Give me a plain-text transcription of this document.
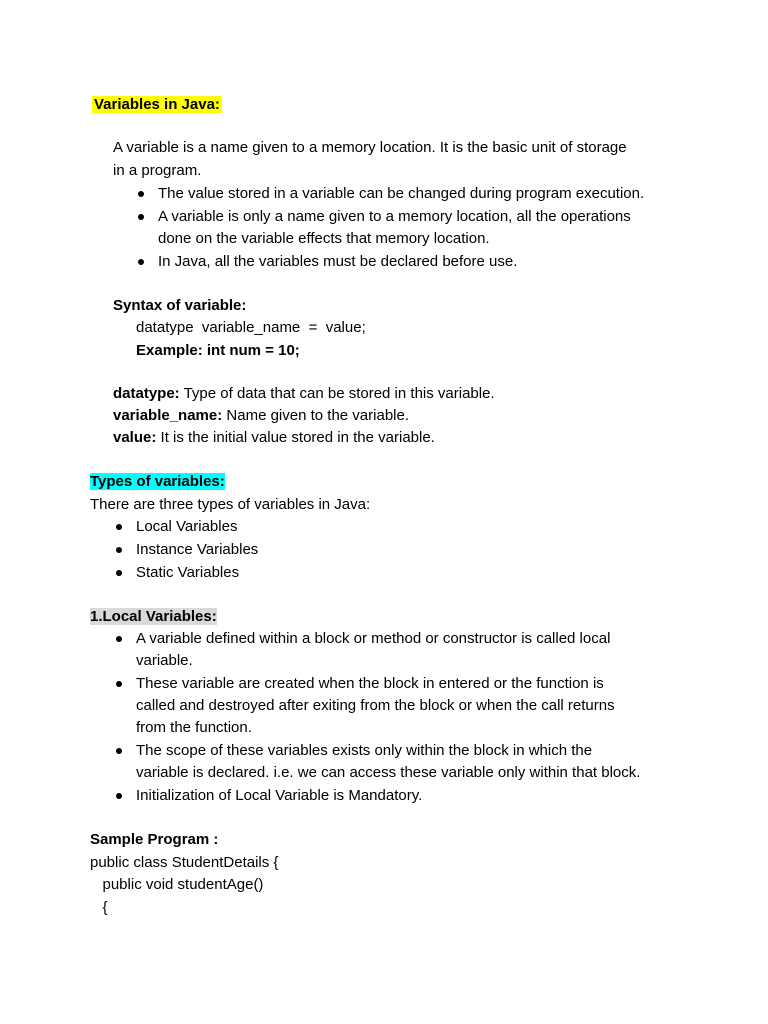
Variables in Java:
A variable is a name given to a memory location. It is the basic unit of storage
in a program.
The value stored in a variable can be changed during program execution.
A variable is only a name given to a memory location, all the operations
done on the variable effects that memory location.
In Java, all the variables must be declared before use.
Syntax of variable:
datatype  variable_name  =  value;
Example: int num = 10;
datatype: Type of data that can be stored in this variable.
variable_name: Name given to the variable.
value: It is the initial value stored in the variable.
Types of variables:
There are three types of variables in Java:
Local Variables
Instance Variables
Static Variables
1.Local Variables:
A variable defined within a block or method or constructor is called local
variable.
These variable are created when the block in entered or the function is
called and destroyed after exiting from the block or when the call returns
from the function.
The scope of these variables exists only within the block in which the
variable is declared. i.e. we can access these variable only within that block.
Initialization of Local Variable is Mandatory.
Sample Program :
public class StudentDetails {
public void studentAge()
{
